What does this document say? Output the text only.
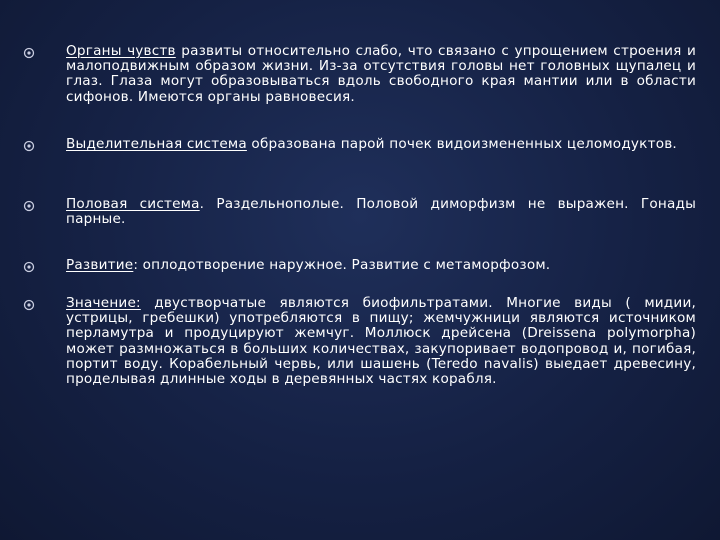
Органы чувств развиты относительно слабо, что связано с упрощением строения и малоподвижным образом жизни. Из-за отсутствия головы нет головных щупалец и глаз. Глаза могут образовываться вдоль свободного края мантии или в области сифонов. Имеются органы равновесия.

Выделительная система образована парой почек видоизмененных целомодуктов.

Половая система. Раздельнополые. Половой диморфизм не выражен. Гонады парные.

Развитие: оплодотворение наружное. Развитие с метаморфозом.

Значение: двустворчатые являются биофильтратами. Многие виды ( мидии, устрицы, гребешки) употребляются в пищу; жемчужници являются источником перламутра и продуцируют жемчуг. Моллюск дрейсена (Dreissena polymorpha) может размножаться в больших количествах, закупоривает водопровод и, погибая, портит воду. Корабельный червь, или шашень (Teredo navalis) выедает древесину, проделывая длинные ходы в деревянных частях корабля.
